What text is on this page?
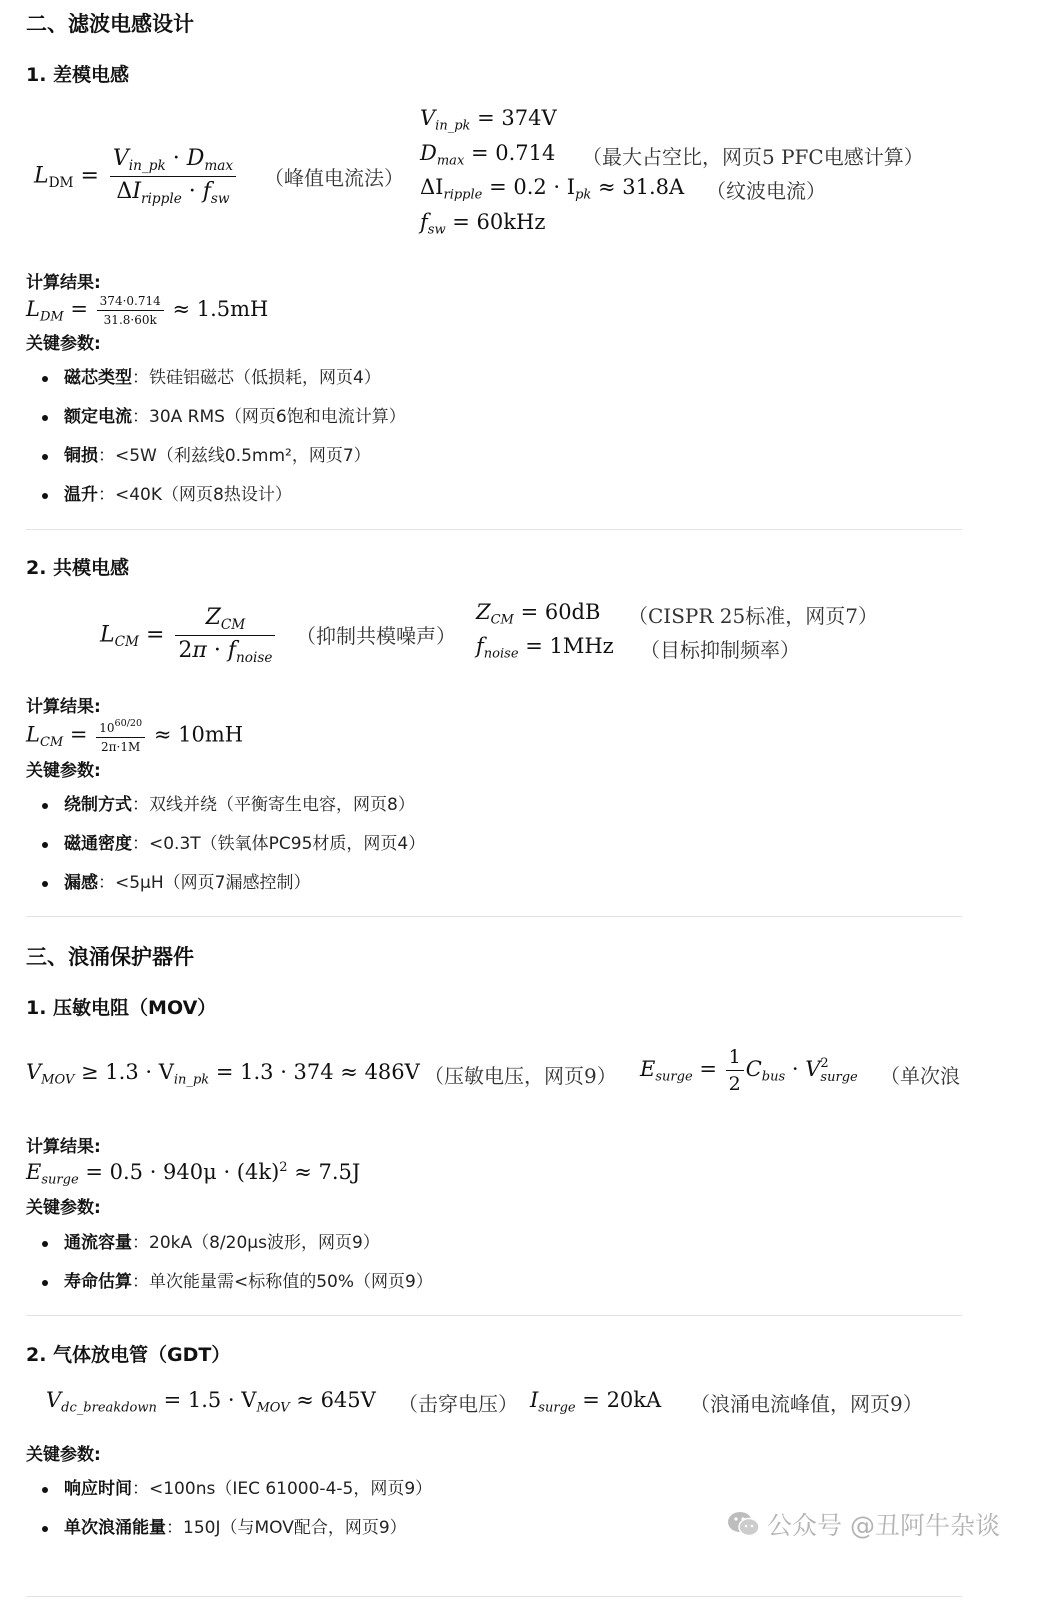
二、滤波电感设计
1. 差模电感
$L_{DM} = \frac{V_{in\_pk} \cdot D_{max}}{\Delta I_{ripple} \cdot f_{sw}}$ （峰值电流法）
$V_{in\_pk} = 374V$
$D_{max} = 0.714$ （最大占空比，网页5 PFC电感计算）
$\Delta I_{ripple} = 0.2 \cdot I_{pk} \approx 31.8A$ （纹波电流）
$f_{sw} = 60kHz$
计算结果:
$L_{DM} = \frac{374\cdot 0.714}{31.8\cdot 60k} \approx 1.5mH$
关键参数:
磁芯类型：铁硅铝磁芯（低损耗，网页4）
额定电流：30A RMS（网页6饱和电流计算）
铜损：<5W（利兹线0.5mm²，网页7）
温升：<40K（网页8热设计）
2. 共模电感
$L_{CM} = \frac{Z_{CM}}{2\pi \cdot f_{noise}}$ （抑制共模噪声）
$Z_{CM} = 60dB$ （CISPR 25标准，网页7）
$f_{noise} = 1MHz$ （目标抑制频率）
计算结果:
$L_{CM} = \frac{10^{60/20}}{2\pi\cdot 1M} \approx 10mH$
关键参数:
绕制方式：双线并绕（平衡寄生电容，网页8）
磁通密度：<0.3T（铁氧体PC95材质，网页4）
漏感：<5μH（网页7漏感控制）
三、浪涌保护器件
1. 压敏电阻（MOV）
$V_{MOV} \ge 1.3 \cdot V_{in\_pk} = 1.3 \cdot 374 \approx 486V$ （压敏电压，网页9） $E_{surge} = \frac{1}{2} C_{bus} \cdot V$ 2
surge （单次浪
计算结果:
$E_{surge} = 0.5 \cdot 940\mu \cdot (4k)^2 \approx 7.5J$
关键参数:
通流容量：20kA（8/20μs波形，网页9）
寿命估算：单次能量需<标称值的50%（网页9）
2. 气体放电管（GDT）
$V_{dc\_breakdown} = 1.5 \cdot V_{MOV} \approx 645V$ （击穿电压） $I_{surge} = 20kA$ （浪涌电流峰值，网页9）
关键参数:
响应时间：<100ns（IEC 61000-4-5，网页9）
单次浪涌能量：150J（与MOV配合，网页9）	公众号 @丑阿牛杂谈
